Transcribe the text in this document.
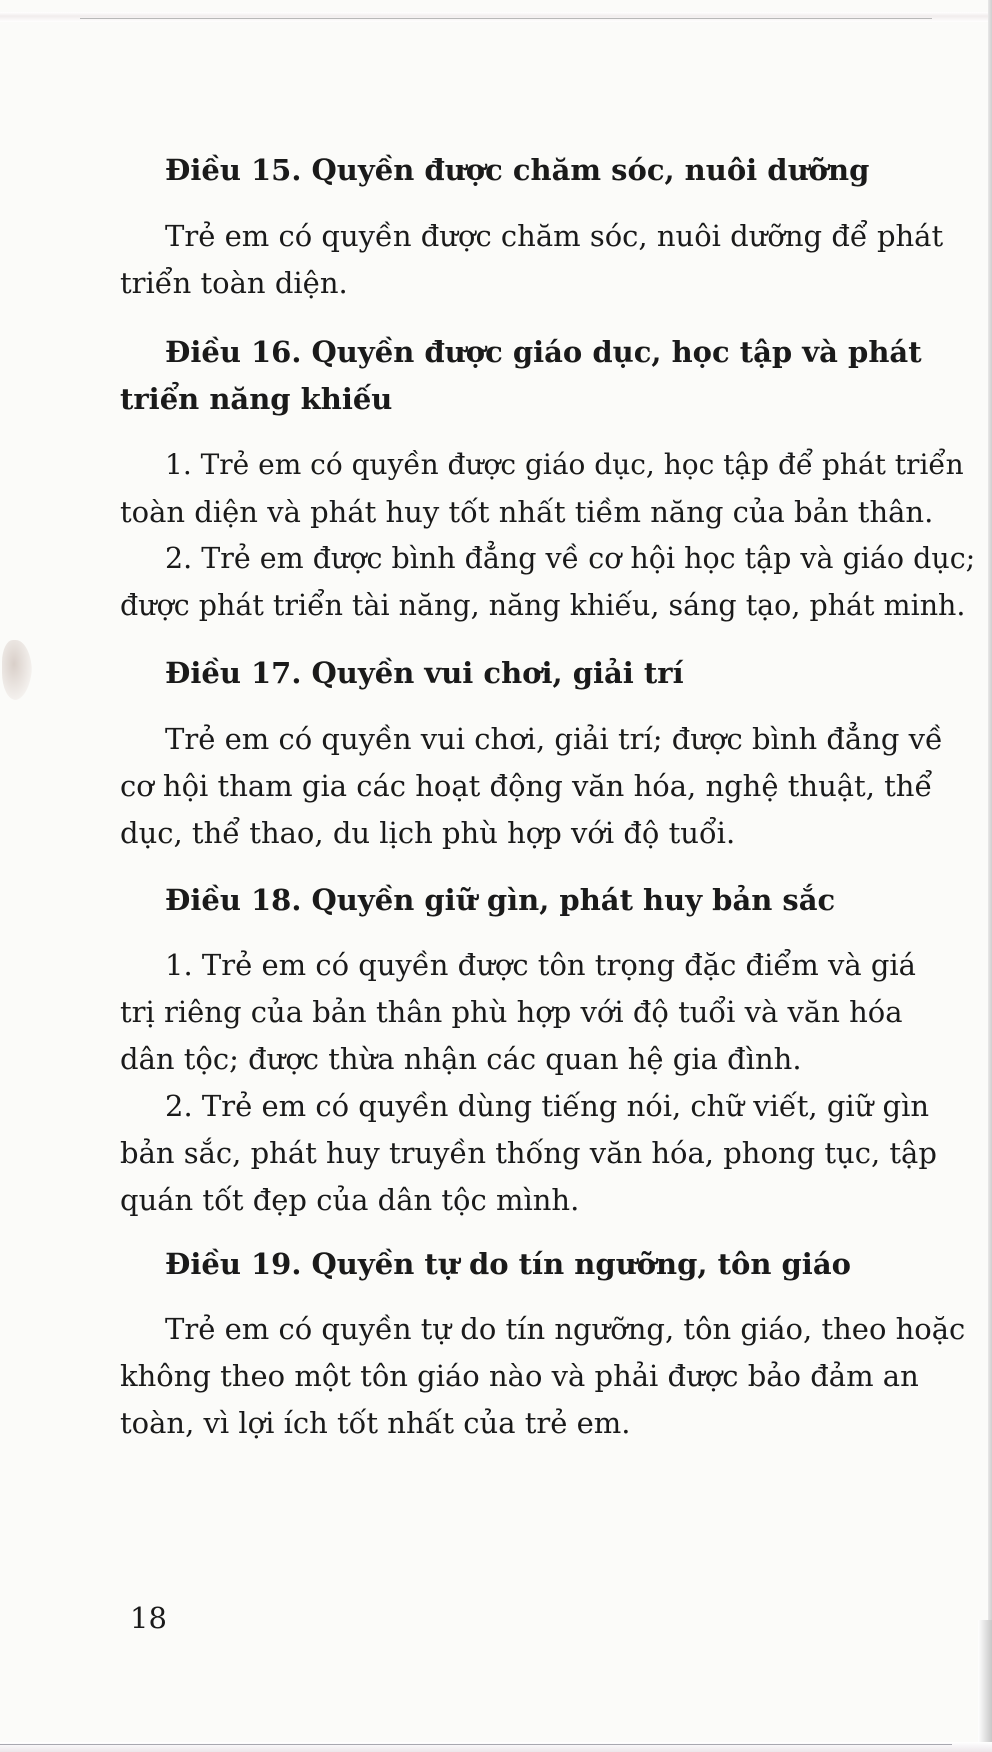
Điều 15. Quyền được chăm sóc, nuôi dưỡng
Trẻ em có quyền được chăm sóc, nuôi dưỡng để phát
triển toàn diện.
Điều 16. Quyền được giáo dục, học tập và phát
triển năng khiếu
1. Trẻ em có quyền được giáo dục, học tập để phát triển
toàn diện và phát huy tốt nhất tiềm năng của bản thân.
2. Trẻ em được bình đẳng về cơ hội học tập và giáo dục;
được phát triển tài năng, năng khiếu, sáng tạo, phát minh.
Điều 17. Quyền vui chơi, giải trí
Trẻ em có quyền vui chơi, giải trí; được bình đẳng về
cơ hội tham gia các hoạt động văn hóa, nghệ thuật, thể
dục, thể thao, du lịch phù hợp với độ tuổi.
Điều 18. Quyền giữ gìn, phát huy bản sắc
1. Trẻ em có quyền được tôn trọng đặc điểm và giá
trị riêng của bản thân phù hợp với độ tuổi và văn hóa
dân tộc; được thừa nhận các quan hệ gia đình.
2. Trẻ em có quyền dùng tiếng nói, chữ viết, giữ gìn
bản sắc, phát huy truyền thống văn hóa, phong tục, tập
quán tốt đẹp của dân tộc mình.
Điều 19. Quyền tự do tín ngưỡng, tôn giáo
Trẻ em có quyền tự do tín ngưỡng, tôn giáo, theo hoặc
không theo một tôn giáo nào và phải được bảo đảm an
toàn, vì lợi ích tốt nhất của trẻ em.
18
